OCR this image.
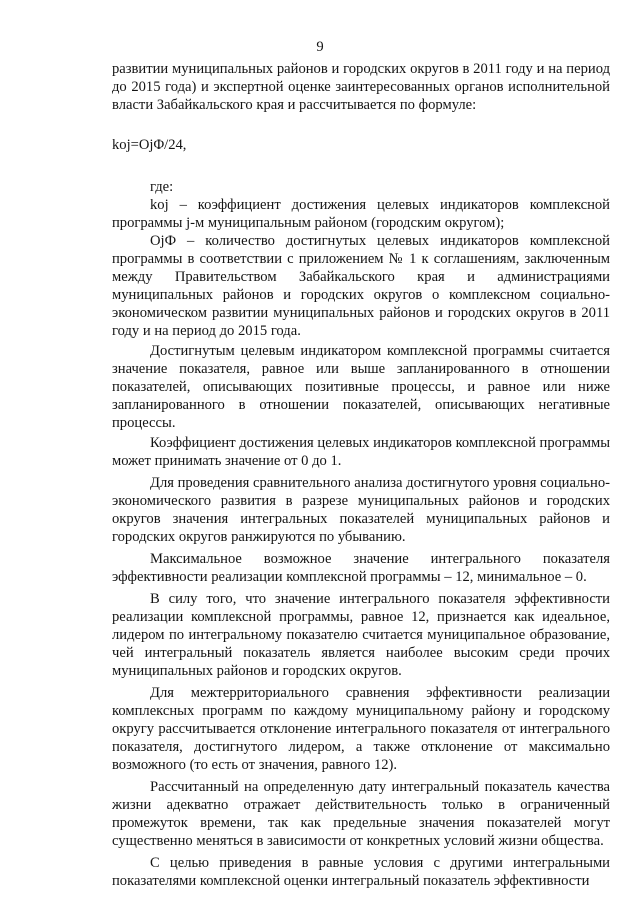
9

развитии муниципальных районов и городских округов в 2011 году и на период до 2015 года) и экспертной оценке заинтересованных органов исполнительной власти Забайкальского края и рассчитывается по формуле:

koj=OjΦ/24,

где:

koj – коэффициент достижения целевых индикаторов комплексной программы j-м муниципальным районом (городским округом);

OjФ – количество достигнутых целевых индикаторов комплексной программы в соответствии с приложением № 1 к соглашениям, заключенным между Правительством Забайкальского края и администрациями муниципальных районов и городских округов о комплексном социально-экономическом развитии муниципальных районов и городских округов в 2011 году и на период до 2015 года.

Достигнутым целевым индикатором комплексной программы считается значение показателя, равное или выше запланированного в отношении показателей, описывающих позитивные процессы, и равное или ниже запланированного в отношении показателей, описывающих негативные процессы.

Коэффициент достижения целевых индикаторов комплексной программы может принимать значение от 0 до 1.

Для проведения сравнительного анализа достигнутого уровня социально-экономического развития в разрезе муниципальных районов и городских округов значения интегральных показателей муниципальных районов и городских округов ранжируются по убыванию.

Максимальное возможное значение интегрального показателя эффективности реализации комплексной программы – 12, минимальное – 0.

В силу того, что значение интегрального показателя эффективности реализации комплексной программы, равное 12, признается как идеальное, лидером по интегральному показателю считается муниципальное образование, чей интегральный показатель является наиболее высоким среди прочих муниципальных районов и городских округов.

Для межтерриториального сравнения эффективности реализации комплексных программ по каждому муниципальному району и городскому округу рассчитывается отклонение интегрального показателя от интегрального показателя, достигнутого лидером, а также отклонение от максимально возможного (то есть от значения, равного 12).

Рассчитанный на определенную дату интегральный показатель качества жизни адекватно отражает действительность только в ограниченный промежуток времени, так как предельные значения показателей могут существенно меняться в зависимости от конкретных условий жизни общества.

С целью приведения в равные условия с другими интегральными показателями комплексной оценки интегральный показатель эффективности
